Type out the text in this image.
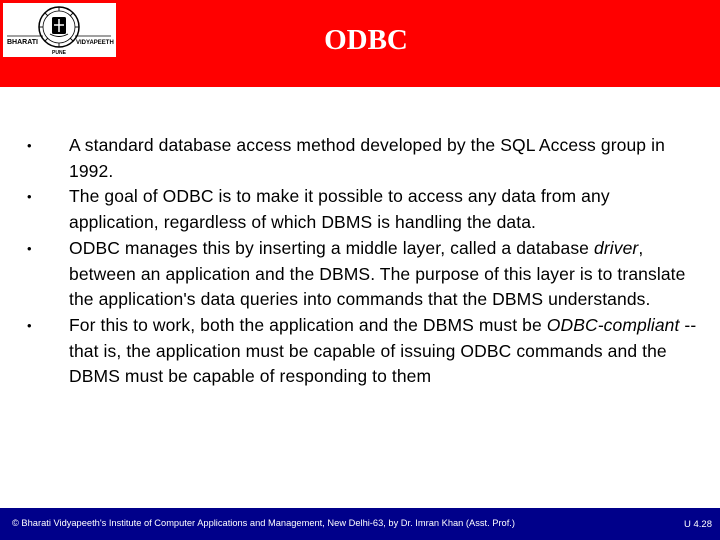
BHARATI	VIDYAPEETH
PUNE	ODBC
•	A standard database access method developed by the SQL Access group in 1992.
•	The goal of ODBC is to make it possible to access any data from any application, regardless of which DBMS is handling the data.
•	ODBC manages this by inserting a middle layer, called a database driver, between an application and the DBMS. The purpose of this layer is to translate the application's data queries into commands that the DBMS understands.
•	For this to work, both the application and the DBMS must be ODBC-compliant -- that is, the application must be capable of issuing ODBC commands and the DBMS must be capable of responding to them
© Bharati Vidyapeeth's Institute of Computer Applications and Management, New Delhi-63, by Dr. Imran Khan (Asst. Prof.)	U 4.28
